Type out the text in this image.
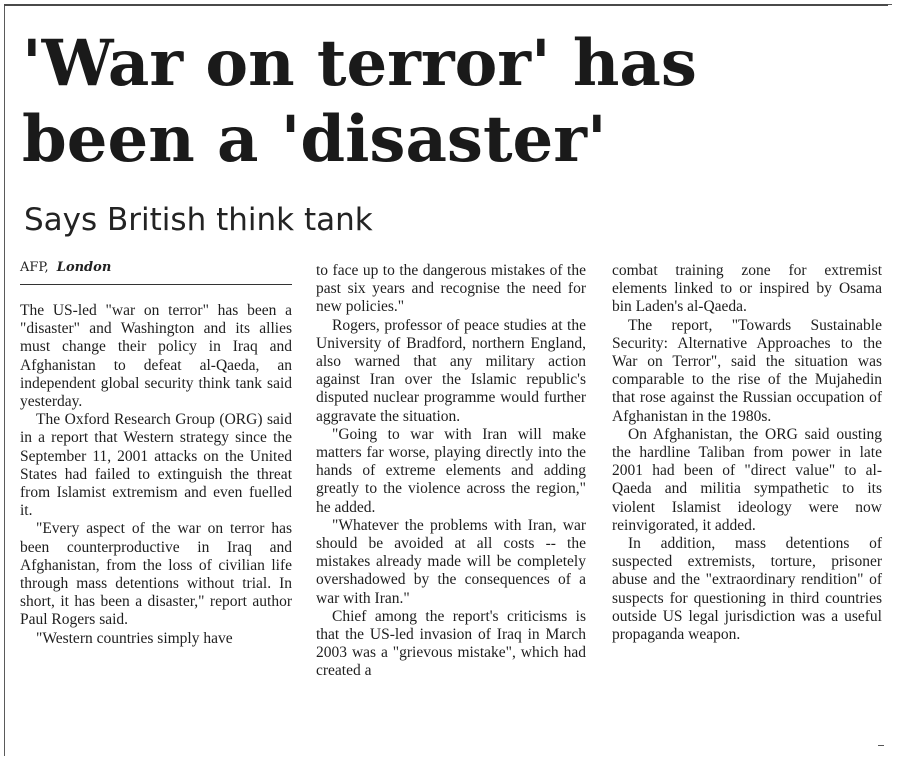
'War on terror' has
been a 'disaster'
Says British think tank
AFP, London

The US-led "war on terror" has been a "disaster" and Washington and its allies must change their policy in Iraq and Afghanistan to defeat al-Qaeda, an independent global security think tank said yesterday.

The Oxford Research Group (ORG) said in a report that Western strategy since the September 11, 2001 attacks on the United States had failed to extinguish the threat from Islamist extremism and even fuelled it.

"Every aspect of the war on terror has been counterproductive in Iraq and Afghanistan, from the loss of civilian life through mass detentions without trial. In short, it has been a disaster," report author Paul Rogers said.

"Western countries simply have

to face up to the dangerous mistakes of the past six years and recognise the need for new policies."

Rogers, professor of peace studies at the University of Bradford, northern England, also warned that any military action against Iran over the Islamic republic's disputed nuclear programme would further aggravate the situation.

"Going to war with Iran will make matters far worse, playing directly into the hands of extreme elements and adding greatly to the violence across the region," he added.

"Whatever the problems with Iran, war should be avoided at all costs -- the mistakes already made will be completely overshadowed by the consequences of a war with Iran."

Chief among the report's criticisms is that the US-led invasion of Iraq in March 2003 was a "grievous mistake", which had created a

combat training zone for extremist elements linked to or inspired by Osama bin Laden's al-Qaeda.

The report, "Towards Sustainable Security: Alternative Approaches to the War on Terror", said the situation was comparable to the rise of the Mujahedin that rose against the Russian occupation of Afghanistan in the 1980s.

On Afghanistan, the ORG said ousting the hardline Taliban from power in late 2001 had been of "direct value" to al-Qaeda and militia sympathetic to its violent Islamist ideology were now reinvigorated, it added.

In addition, mass detentions of suspected extremists, torture, prisoner abuse and the "extraordinary rendition" of suspects for questioning in third countries outside US legal jurisdiction was a useful propaganda weapon.
